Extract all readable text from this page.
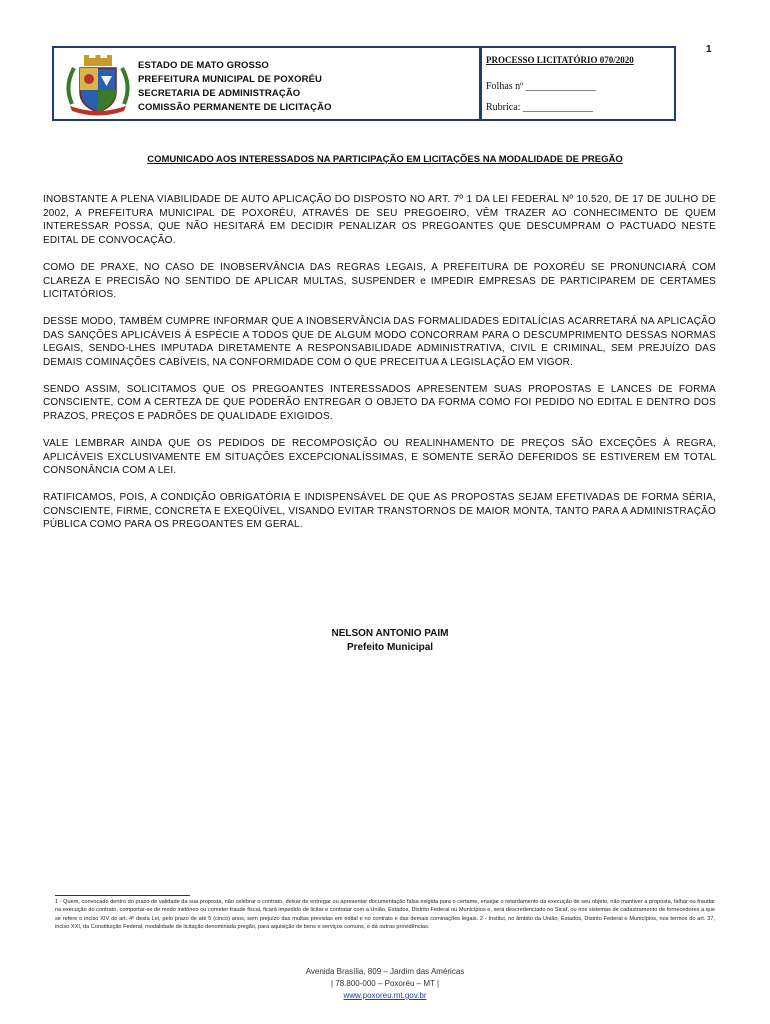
1
ESTADO DE MATO GROSSO
PREFEITURA MUNICIPAL DE POXORÉU
SECRETARIA DE ADMINISTRAÇÃO
COMISSÃO PERMANENTE DE LICITAÇÃO
PROCESSO LICITATÓRIO 070/2020
Folhas nº ______________
Rubrica: ______________
COMUNICADO AOS INTERESSADOS NA PARTICIPAÇÃO EM LICITAÇÕES NA MODALIDADE DE PREGÃO

INOBSTANTE A PLENA VIABILIDADE DE AUTO APLICAÇÃO DO DISPOSTO NO ART. 7º 1 DA LEI FEDERAL Nº 10.520, DE 17 DE JULHO DE 2002, A PREFEITURA MUNICIPAL DE POXORÉU, ATRAVÉS DE SEU PREGOEIRO, VÊM TRAZER AO CONHECIMENTO DE QUEM INTERESSAR POSSA, QUE NÃO HESITARÁ EM DECIDIR PENALIZAR OS PREGOANTES QUE DESCUMPRAM O PACTUADO NESTE EDITAL DE CONVOCAÇÃO.

COMO DE PRAXE, NO CASO DE INOBSERVÂNCIA DAS REGRAS LEGAIS, A PREFEITURA DE POXORÉU SE PRONUNCIARÁ COM CLAREZA E PRECISÃO NO SENTIDO DE APLICAR MULTAS, SUSPENDER e IMPEDIR EMPRESAS DE PARTICIPAREM DE CERTAMES LICITATÓRIOS.

DESSE MODO, TAMBÉM CUMPRE INFORMAR QUE A INOBSERVÂNCIA DAS FORMALIDADES EDITALÍCIAS ACARRETARÁ NA APLICAÇÃO DAS SANÇÕES APLICÁVEIS À ESPÉCIE A TODOS QUE DE ALGUM MODO CONCORRAM PARA O DESCUMPRIMENTO DESSAS NORMAS LEGAIS, SENDO-LHES IMPUTADA DIRETAMENTE A RESPONSABILIDADE ADMINISTRATIVA, CIVIL E CRIMINAL, SEM PREJUÍZO DAS DEMAIS COMINAÇÕES CABÍVEIS, NA CONFORMIDADE COM O QUE PRECEITUA A LEGISLAÇÃO EM VIGOR.

SENDO ASSIM, SOLICITAMOS QUE OS PREGOANTES INTERESSADOS APRESENTEM SUAS PROPOSTAS E LANCES DE FORMA CONSCIENTE, COM A CERTEZA DE QUE PODERÃO ENTREGAR O OBJETO DA FORMA COMO FOI PEDIDO NO EDITAL E DENTRO DOS PRAZOS, PREÇOS E PADRÕES DE QUALIDADE EXIGIDOS.

VALE LEMBRAR AINDA QUE OS PEDIDOS DE RECOMPOSIÇÃO OU REALINHAMENTO DE PREÇOS SÃO EXCEÇÕES À REGRA, APLICÁVEIS EXCLUSIVAMENTE EM SITUAÇÕES EXCEPCIONALÍSSIMAS, E SOMENTE SERÃO DEFERIDOS SE ESTIVEREM EM TOTAL CONSONÂNCIA COM A LEI.

RATIFICAMOS, POIS, A CONDIÇÃO OBRIGATÓRIA E INDISPENSÁVEL DE QUE AS PROPOSTAS SEJAM EFETIVADAS DE FORMA SÉRIA, CONSCIENTE, FIRME, CONCRETA E EXEQÜÍVEL, VISANDO EVITAR TRANSTORNOS DE MAIOR MONTA, TANTO PARA A ADMINISTRAÇÃO PÚBLICA COMO PARA OS PREGOANTES EM GERAL.

NELSON ANTONIO PAIM
Prefeito Municipal
1 - Quem, convocado dentro do prazo de validade da sua proposta, não celebrar o contrato, deixar de entregar ou apresentar documentação falsa exigida para o certame, ensejar o retardamento da execução de seu objeto, não mantiver a proposta, falhar ou fraudar na execução do contrato, comportar-se de modo inidôneo ou cometer fraude fiscal, ficará impedido de licitar e contratar com a União, Estados, Distrito Federal ou Municípios e, será descredenciado no Sicaf, ou nos sistemas de cadastramento de fornecedores a que se refere o inciso XIV do art. 4º desta Lei, pelo prazo de até 5 (cinco) anos, sem prejuízo das multas previstas em edital e no contrato e das demais cominações legais. 2 - Institui, no âmbito da União, Estados, Distrito Federal e Municípios, nos termos do art. 37, inciso XXI, da Constituição Federal, modalidade de licitação denominada pregão, para aquisição de bens e serviços comuns, e dá outras providências.
Avenida Brasília, 809 – Jardim das Américas
| 78.800-000 – Poxoréu – MT |
www.poxoreu.mt.gov.br
